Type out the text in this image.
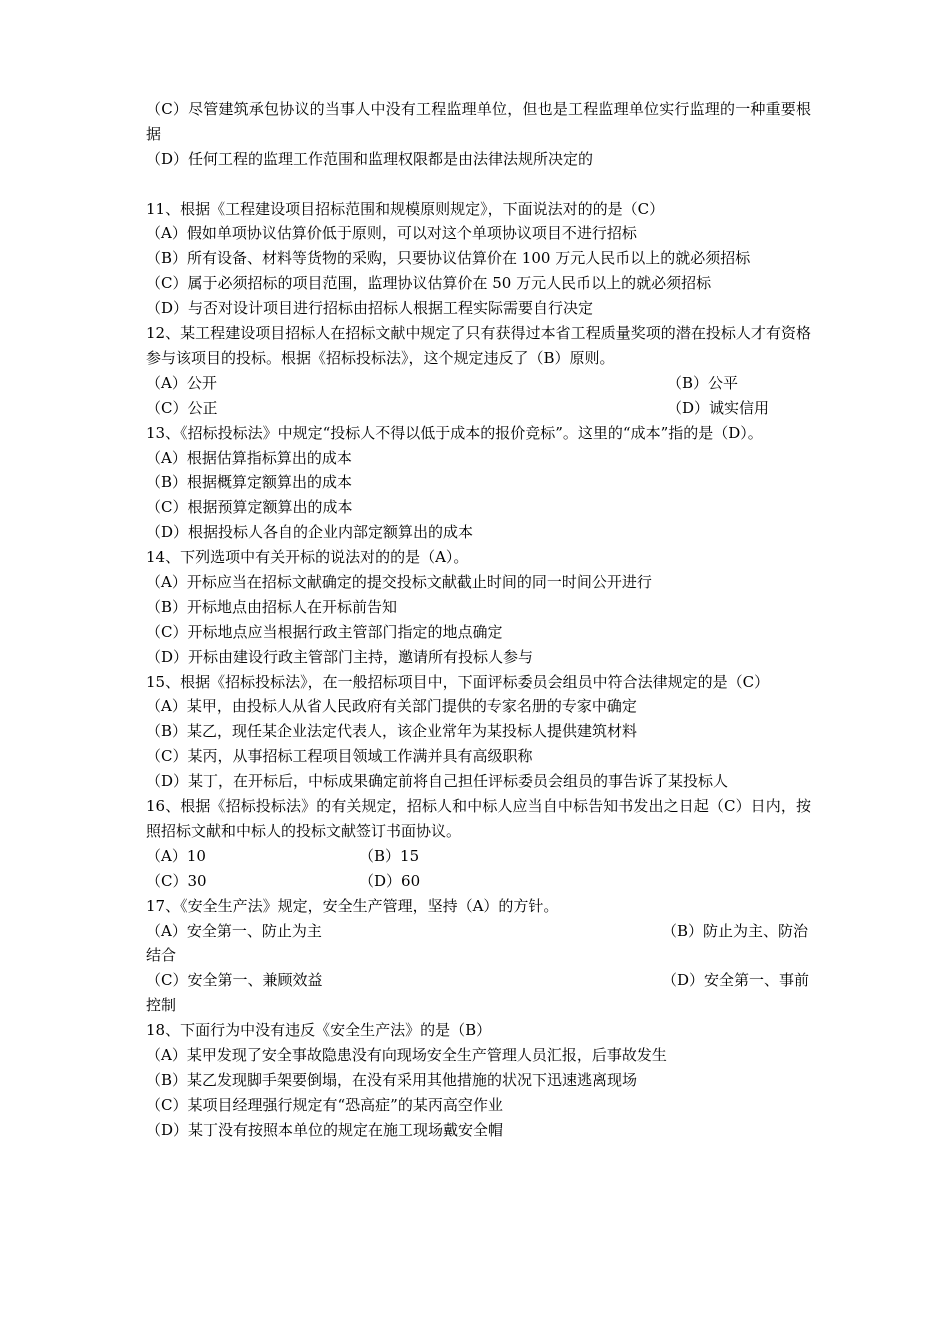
（C）尽管建筑承包协议的当事人中没有工程监理单位，但也是工程监理单位实行监理的一种重要根据
（D）任何工程的监理工作范围和监理权限都是由法律法规所决定的
11、根据《工程建设项目招标范围和规模原则规定》，下面说法对的的是（C）
（A）假如单项协议估算价低于原则，可以对这个单项协议项目不进行招标
（B）所有设备、材料等货物的采购，只要协议估算价在 100 万元人民币以上的就必须招标
（C）属于必须招标的项目范围，监理协议估算价在 50 万元人民币以上的就必须招标
（D）与否对设计项目进行招标由招标人根据工程实际需要自行决定
12、某工程建设项目招标人在招标文献中规定了只有获得过本省工程质量奖项的潜在投标人才有资格参与该项目的投标。根据《招标投标法》，这个规定违反了（B）原则。
（A）公开	（B）公平
（C）公正	（D）诚实信用
13、《招标投标法》中规定“投标人不得以低于成本的报价竞标”。这里的“成本”指的是（D）。
（A）根据估算指标算出的成本
（B）根据概算定额算出的成本
（C）根据预算定额算出的成本
（D）根据投标人各自的企业内部定额算出的成本
14、下列选项中有关开标的说法对的的是（A）。
（A）开标应当在招标文献确定的提交投标文献截止时间的同一时间公开进行
（B）开标地点由招标人在开标前告知
（C）开标地点应当根据行政主管部门指定的地点确定
（D）开标由建设行政主管部门主持，邀请所有投标人参与
15、根据《招标投标法》，在一般招标项目中，下面评标委员会组员中符合法律规定的是（C）
（A）某甲，由投标人从省人民政府有关部门提供的专家名册的专家中确定
（B）某乙，现任某企业法定代表人，该企业常年为某投标人提供建筑材料
（C）某丙，从事招标工程项目领域工作满并具有高级职称
（D）某丁，在开标后，中标成果确定前将自己担任评标委员会组员的事告诉了某投标人
16、根据《招标投标法》的有关规定，招标人和中标人应当自中标告知书发出之日起（C）日内，按照招标文献和中标人的投标文献签订书面协议。
（A）10	（B）15
（C）30	（D）60
17、《安全生产法》规定，安全生产管理，坚持（A）的方针。
（A）安全第一、防止为主	（B）防止为主、防治结合
（C）安全第一、兼顾效益	（D）安全第一、事前控制
18、下面行为中没有违反《安全生产法》的是（B）
（A）某甲发现了安全事故隐患没有向现场安全生产管理人员汇报，后事故发生
（B）某乙发现脚手架要倒塌，在没有采用其他措施的状况下迅速逃离现场
（C）某项目经理强行规定有“恐高症”的某丙高空作业
（D）某丁没有按照本单位的规定在施工现场戴安全帽
